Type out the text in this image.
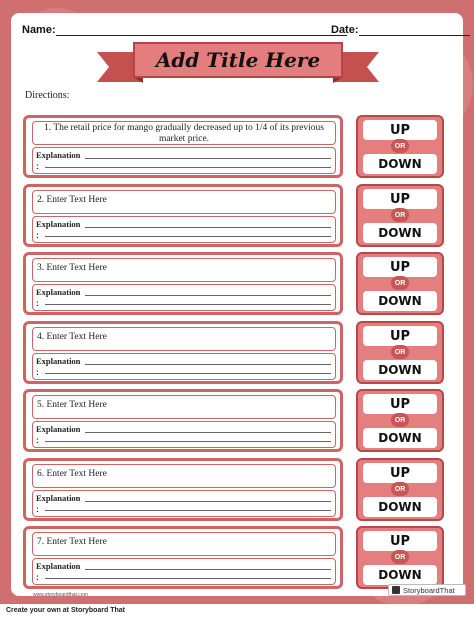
Name:	Date:
Add Title Here
Directions:
1. The retail price for mango gradually decreased up to 1/4 of its previous market price.
Explanation
:
UP
OR
DOWN
2. Enter Text Here
Explanation
:
UP
OR
DOWN
3. Enter Text Here
Explanation
:
UP
OR
DOWN
4. Enter Text Here
Explanation
:
UP
OR
DOWN
5. Enter Text Here
Explanation
:
UP
OR
DOWN
6. Enter Text Here
Explanation
:
UP
OR
DOWN
7. Enter Text Here
Explanation
:
UP
OR
DOWN
www.storyboardthat.com
StoryboardThat
Create your own at Storyboard That
